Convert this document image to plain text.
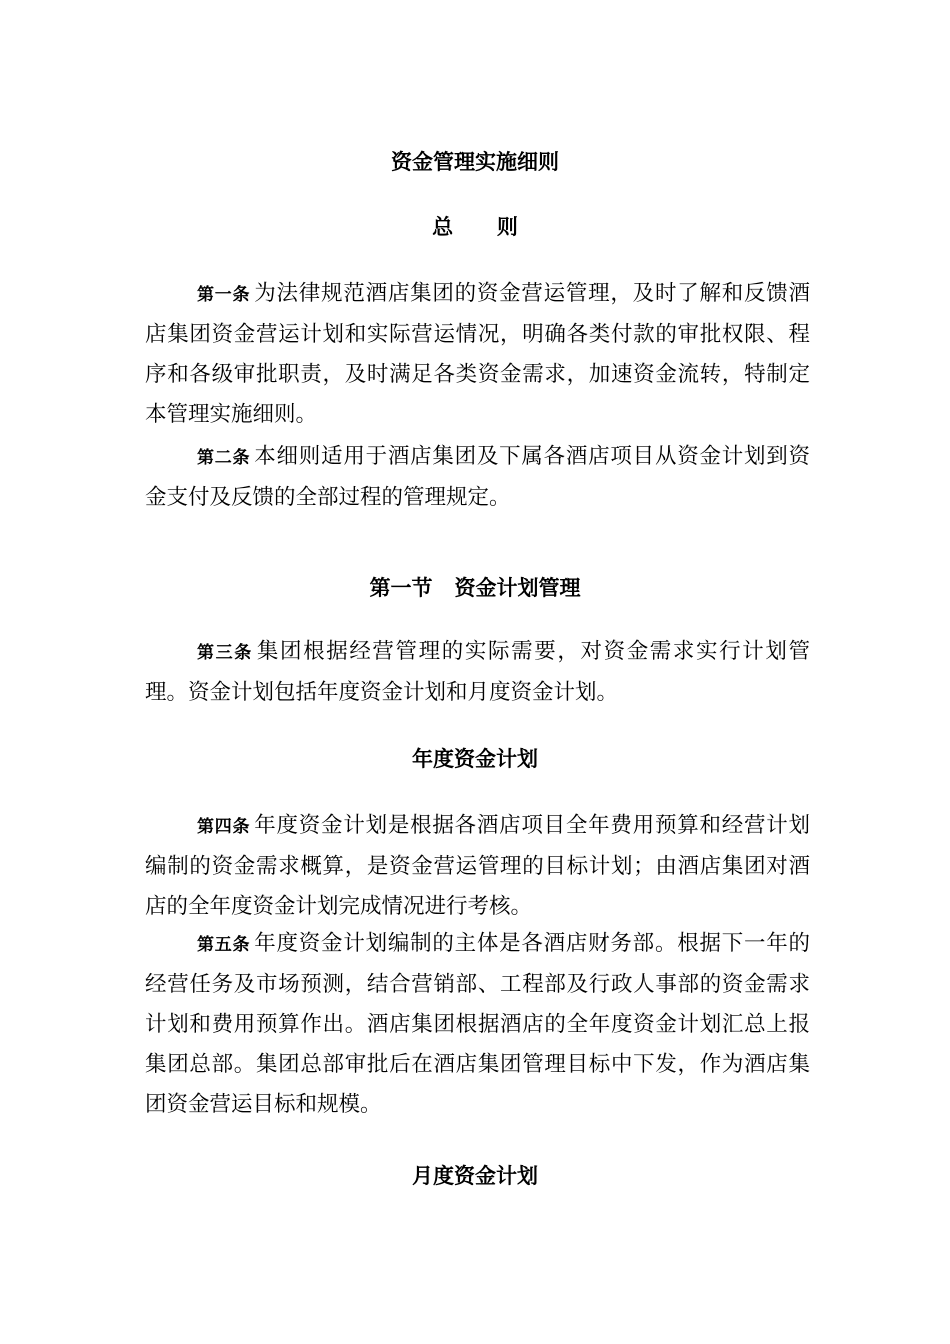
资金管理实施细则
总      则
第一条 为法律规范酒店集团的资金营运管理，及时了解和反馈酒店集团资金营运计划和实际营运情况，明确各类付款的审批权限、程序和各级审批职责，及时满足各类资金需求，加速资金流转，特制定本管理实施细则。
第二条 本细则适用于酒店集团及下属各酒店项目从资金计划到资金支付及反馈的全部过程的管理规定。
第一节   资金计划管理
第三条 集团根据经营管理的实际需要，对资金需求实行计划管理。资金计划包括年度资金计划和月度资金计划。
年度资金计划
第四条 年度资金计划是根据各酒店项目全年费用预算和经营计划编制的资金需求概算，是资金营运管理的目标计划；由酒店集团对酒店的全年度资金计划完成情况进行考核。
第五条 年度资金计划编制的主体是各酒店财务部。根据下一年的经营任务及市场预测，结合营销部、工程部及行政人事部的资金需求计划和费用预算作出。酒店集团根据酒店的全年度资金计划汇总上报集团总部。集团总部审批后在酒店集团管理目标中下发，作为酒店集团资金营运目标和规模。
月度资金计划
